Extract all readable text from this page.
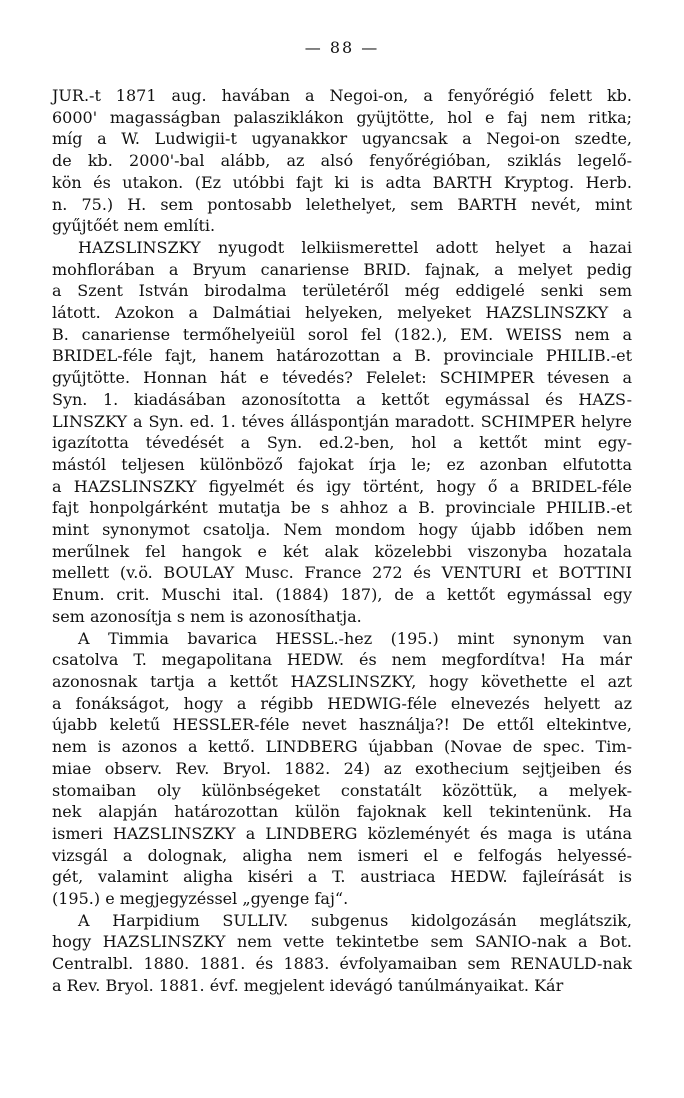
— 88 —
JUR.-t 1871 aug. havában a Negoi-on, a fenyőrégió felett kb.
6000' magasságban palasziklákon gyüjtötte, hol e faj nem ritka;
míg a W. Ludwigii-t ugyanakkor ugyancsak a Negoi-on szedte,
de kb. 2000'-bal alább, az alsó fenyőrégióban, sziklás legelő-
kön és utakon. (Ez utóbbi fajt ki is adta BARTH Kryptog. Herb.
n. 75.) H. sem pontosabb lelethelyet, sem BARTH nevét, mint
gyűjtőét nem említi.
HAZSLINSZKY nyugodt lelkiismerettel adott helyet a hazai
mohflorában a Bryum canariense BRID. fajnak, a melyet pedig
a Szent István birodalma területéről még eddigelé senki sem
látott. Azokon a Dalmátiai helyeken, melyeket HAZSLINSZKY a
B. canariense termőhelyeiül sorol fel (182.), EM. WEISS nem a
BRIDEL-féle fajt, hanem határozottan a B. provinciale PHILIB.-et
gyűjtötte. Honnan hát e tévedés? Felelet: SCHIMPER tévesen a
Syn. 1. kiadásában azonosította a kettőt egymással és HAZS-
LINSZKY a Syn. ed. 1. téves álláspontján maradott. SCHIMPER helyre
igazította tévedését a Syn. ed.2-ben, hol a kettőt mint egy-
mástól teljesen különböző fajokat írja le; ez azonban elfutotta
a HAZSLINSZKY figyelmét és igy történt, hogy ő a BRIDEL-féle
fajt honpolgárként mutatja be s ahhoz a B. provinciale PHILIB.-et
mint synonymot csatolja. Nem mondom hogy újabb időben nem
merűlnek fel hangok e két alak közelebbi viszonyba hozatala
mellett (v.ö. BOULAY Musc. France 272 és VENTURI et BOTTINI
Enum. crit. Muschi ital. (1884) 187), de a kettőt egymással egy
sem azonosítja s nem is azonosíthatja.
A Timmia bavarica HESSL.-hez (195.) mint synonym van
csatolva T. megapolitana HEDW. és nem megfordítva! Ha már
azonosnak tartja a kettőt HAZSLINSZKY, hogy követhette el azt
a fonákságot, hogy a régibb HEDWIG-féle elnevezés helyett az
újabb keletű HESSLER-féle nevet használja?! De ettől eltekintve,
nem is azonos a kettő. LINDBERG újabban (Novae de spec. Tim-
miae observ. Rev. Bryol. 1882. 24) az exothecium sejtjeiben és
stomaiban oly különbségeket constatált közöttük, a melyek-
nek alapján határozottan külön fajoknak kell tekintenünk. Ha
ismeri HAZSLINSZKY a LINDBERG közleményét és maga is utána
vizsgál a dolognak, aligha nem ismeri el e felfogás helyessé-
gét, valamint aligha kiséri a T. austriaca HEDW. fajleírását is
(195.) e megjegyzéssel „gyenge faj“.
A Harpidium SULLIV. subgenus kidolgozásán meglátszik,
hogy HAZSLINSZKY nem vette tekintetbe sem SANIO-nak a Bot.
Centralbl. 1880. 1881. és 1883. évfolyamaiban sem RENAULD-nak
a Rev. Bryol. 1881. évf. megjelent idevágó tanúlmányaikat. Kár
